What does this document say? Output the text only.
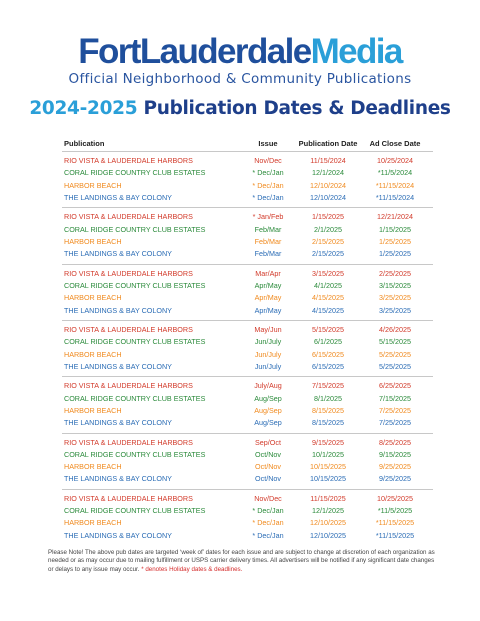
FortLauderdaleMedia
Official Neighborhood & Community Publications
2024-2025 Publication Dates & Deadlines
Publication	Issue	Publication Date	Ad Close Date
RIO VISTA & LAUDERDALE HARBORS	Nov/Dec	11/15/2024	10/25/2024
CORAL RIDGE COUNTRY CLUB ESTATES	* Dec/Jan	12/1/2024	*11/5/2024
HARBOR BEACH	* Dec/Jan	12/10/2024	*11/15/2024
THE LANDINGS & BAY COLONY	* Dec/Jan	12/10/2024	*11/15/2024
RIO VISTA & LAUDERDALE HARBORS	* Jan/Feb	1/15/2025	12/21/2024
CORAL RIDGE COUNTRY CLUB ESTATES	Feb/Mar	2/1/2025	1/15/2025
HARBOR BEACH	Feb/Mar	2/15/2025	1/25/2025
THE LANDINGS & BAY COLONY	Feb/Mar	2/15/2025	1/25/2025
RIO VISTA & LAUDERDALE HARBORS	Mar/Apr	3/15/2025	2/25/2025
CORAL RIDGE COUNTRY CLUB ESTATES	Apr/May	4/1/2025	3/15/2025
HARBOR BEACH	Apr/May	4/15/2025	3/25/2025
THE LANDINGS & BAY COLONY	Apr/May	4/15/2025	3/25/2025
RIO VISTA & LAUDERDALE HARBORS	May/Jun	5/15/2025	4/26/2025
CORAL RIDGE COUNTRY CLUB ESTATES	Jun/July	6/1/2025	5/15/2025
HARBOR BEACH	Jun/July	6/15/2025	5/25/2025
THE LANDINGS & BAY COLONY	Jun/July	6/15/2025	5/25/2025
RIO VISTA & LAUDERDALE HARBORS	July/Aug	7/15/2025	6/25/2025
CORAL RIDGE COUNTRY CLUB ESTATES	Aug/Sep	8/1/2025	7/15/2025
HARBOR BEACH	Aug/Sep	8/15/2025	7/25/2025
THE LANDINGS & BAY COLONY	Aug/Sep	8/15/2025	7/25/2025
RIO VISTA & LAUDERDALE HARBORS	Sep/Oct	9/15/2025	8/25/2025
CORAL RIDGE COUNTRY CLUB ESTATES	Oct/Nov	10/1/2025	9/15/2025
HARBOR BEACH	Oct/Nov	10/15/2025	9/25/2025
THE LANDINGS & BAY COLONY	Oct/Nov	10/15/2025	9/25/2025
RIO VISTA & LAUDERDALE HARBORS	Nov/Dec	11/15/2025	10/25/2025
CORAL RIDGE COUNTRY CLUB ESTATES	* Dec/Jan	12/1/2025	*11/5/2025
HARBOR BEACH	* Dec/Jan	12/10/2025	*11/15/2025
THE LANDINGS & BAY COLONY	* Dec/Jan	12/10/2025	*11/15/2025
Please Note! The above pub dates are targeted ‘week of’ dates for each issue and are subject to change at discretion of each organization as needed or as may occur due to mailing fulfillment or USPS carrier delivery times. All advertisers will be notified if any significant date changes or delays to any issue may occur. * denotes Holiday dates & deadlines.
